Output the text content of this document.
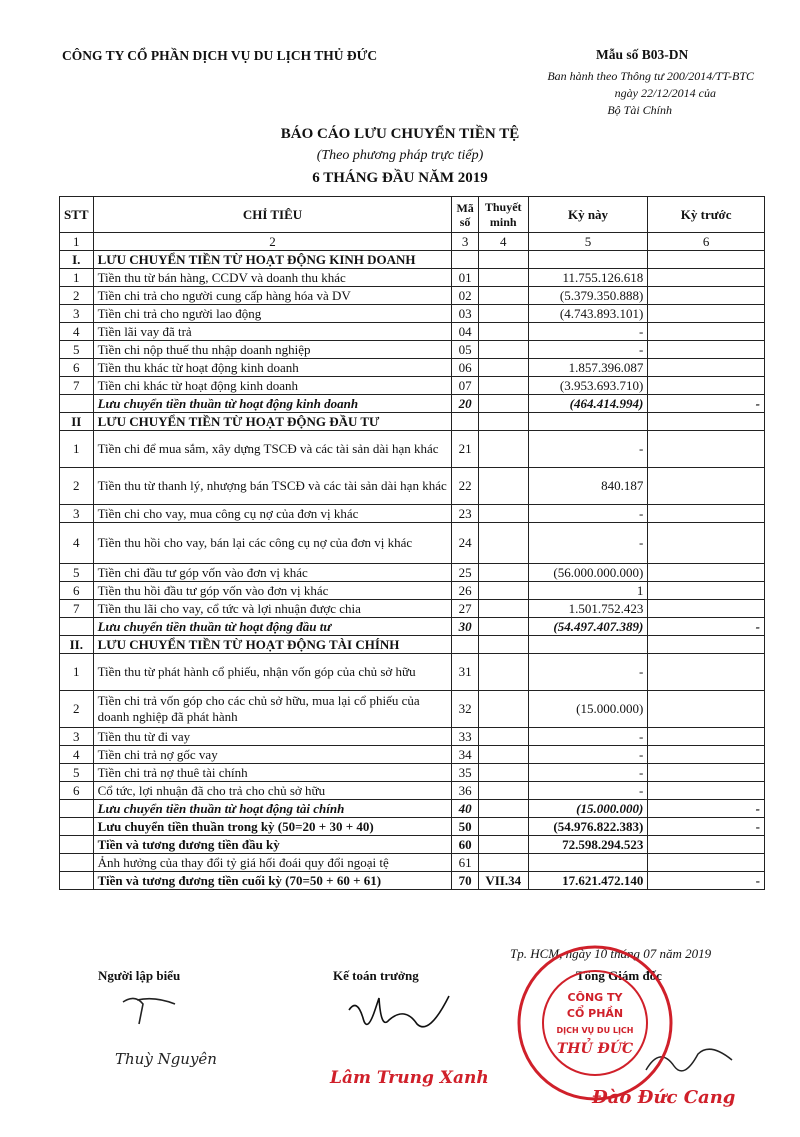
CÔNG TY CỔ PHẦN DỊCH VỤ DU LỊCH THỦ ĐỨC	Mẫu số B03-DN
Ban hành theo Thông tư 200/2014/TT-BTC
ngày 22/12/2014 của
Bộ Tài Chính
BÁO CÁO LƯU CHUYỂN TIỀN TỆ
(Theo phương pháp trực tiếp)
6 THÁNG ĐẦU NĂM 2019
STT	CHỈ TIÊU	Mã số	Thuyết minh	Kỳ này	Kỳ trước
1	2	3	4	5	6
I.	LƯU CHUYỂN TIỀN TỪ HOẠT ĐỘNG KINH DOANH				
1	Tiền thu từ bán hàng, CCDV và doanh thu khác	01		11.755.126.618	
2	Tiền chi trả cho người cung cấp hàng hóa và DV	02		(5.379.350.888)	
3	Tiền chi trả cho người lao động	03		(4.743.893.101)	
4	Tiền lãi vay đã trả	04		-	
5	Tiền chi nộp thuế thu nhập doanh nghiệp	05		-	
6	Tiền thu khác từ hoạt động kinh doanh	06		1.857.396.087	
7	Tiền chi khác từ hoạt động kinh doanh	07		(3.953.693.710)	
	Lưu chuyển tiền thuần từ hoạt động kinh doanh	20		(464.414.994)	-
II	LƯU CHUYỂN TIỀN TỪ HOẠT ĐỘNG ĐẦU TƯ				
1	Tiền chi để mua sắm, xây dựng TSCĐ và các tài sản dài hạn khác	21		-	
2	Tiền thu từ thanh lý, nhượng bán TSCĐ và các tài sản dài hạn khác	22		840.187	
3	Tiền chi cho vay, mua công cụ nợ của đơn vị khác	23		-	
4	Tiền thu hồi cho vay, bán lại các công cụ nợ của đơn vị khác	24		-	
5	Tiền chi đầu tư góp vốn vào đơn vị khác	25		(56.000.000.000)	
6	Tiền thu hồi đầu tư góp vốn vào đơn vị khác	26		1	
7	Tiền thu lãi cho vay, cổ tức và lợi nhuận được chia	27		1.501.752.423	
	Lưu chuyển tiền thuần từ hoạt động đầu tư	30		(54.497.407.389)	-
II.	LƯU CHUYỂN TIỀN TỪ HOẠT ĐỘNG TÀI CHÍNH				
1	Tiền thu từ phát hành cổ phiếu, nhận vốn góp của chủ sở hữu	31		-	
2	Tiền chi trả vốn góp cho các chủ sở hữu, mua lại cổ phiếu của doanh nghiệp đã phát hành	32		(15.000.000)	
3	Tiền thu từ đi vay	33		-	
4	Tiền chi trả nợ gốc vay	34		-	
5	Tiền chi trả nợ thuê tài chính	35		-	
6	Cổ tức, lợi nhuận đã cho trả cho chủ sở hữu	36		-	
	Lưu chuyển tiền thuần từ hoạt động tài chính	40		(15.000.000)	-
	Lưu chuyển tiền thuần trong kỳ (50=20 + 30 + 40)	50		(54.976.822.383)	-
	Tiền và tương đương tiền đầu kỳ	60		72.598.294.523	
	Ảnh hưởng của thay đổi tỷ giá hối đoái quy đổi ngoại tệ	61			
	Tiền và tương đương tiền cuối kỳ (70=50 + 60 + 61)	70	VII.34	17.621.472.140	-
Tp. HCM, ngày 10 tháng 07 năm 2019
Người lập biểu	Kế toán trưởng	Tổng Giám đốc
CÔNG TY
CỔ PHẦN
DỊCH VỤ DU LỊCH
THỦ ĐỨC
Thuỳ Nguyên
Lâm Trung Xanh
Đào Đức Cang
